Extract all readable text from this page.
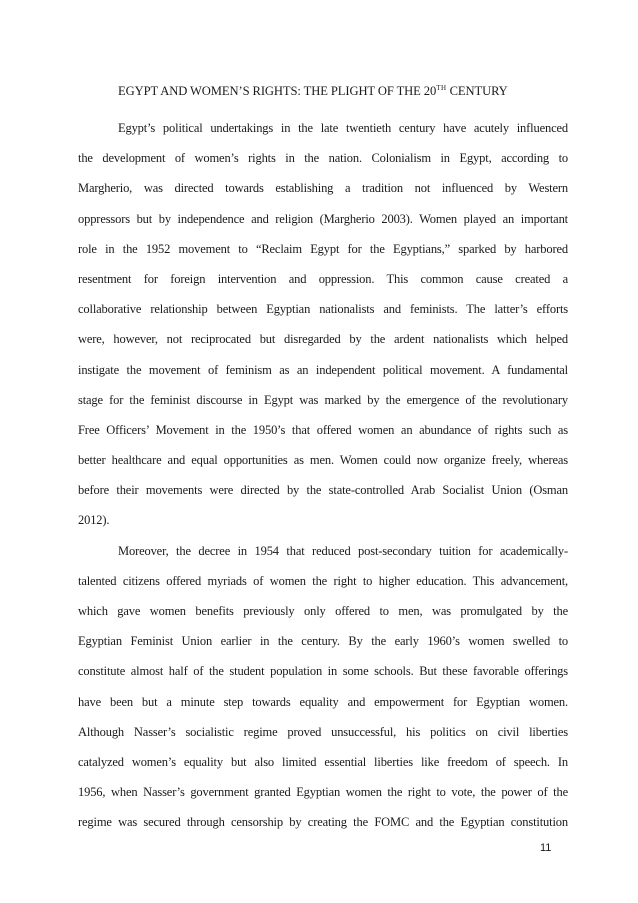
EGYPT AND WOMEN’S RIGHTS: THE PLIGHT OF THE 20TH CENTURY
Egypt’s political undertakings in the late twentieth century have acutely influenced
the development of women’s rights in the nation. Colonialism in Egypt, according to
Margherio, was directed towards establishing a tradition not influenced by Western
oppressors but by independence and religion (Margherio 2003). Women played an important
role in the 1952 movement to “Reclaim Egypt for the Egyptians,” sparked by harbored
resentment for foreign intervention and oppression. This common cause created a
collaborative relationship between Egyptian nationalists and feminists. The latter’s efforts
were, however, not reciprocated but disregarded by the ardent nationalists which helped
instigate the movement of feminism as an independent political movement. A fundamental
stage for the feminist discourse in Egypt was marked by the emergence of the revolutionary
Free Officers’ Movement in the 1950’s that offered women an abundance of rights such as
better healthcare and equal opportunities as men. Women could now organize freely, whereas
before their movements were directed by the state-controlled Arab Socialist Union (Osman
2012).
Moreover, the decree in 1954 that reduced post-secondary tuition for academically-
talented citizens offered myriads of women the right to higher education. This advancement,
which gave women benefits previously only offered to men, was promulgated by the
Egyptian Feminist Union earlier in the century. By the early 1960’s women swelled to
constitute almost half of the student population in some schools. But these favorable offerings
have been but a minute step towards equality and empowerment for Egyptian women.
Although Nasser’s socialistic regime proved unsuccessful, his politics on civil liberties
catalyzed women’s equality but also limited essential liberties like freedom of speech. In
1956, when Nasser’s government granted Egyptian women the right to vote, the power of the
regime was secured through censorship by creating the FOMC and the Egyptian constitution
11
